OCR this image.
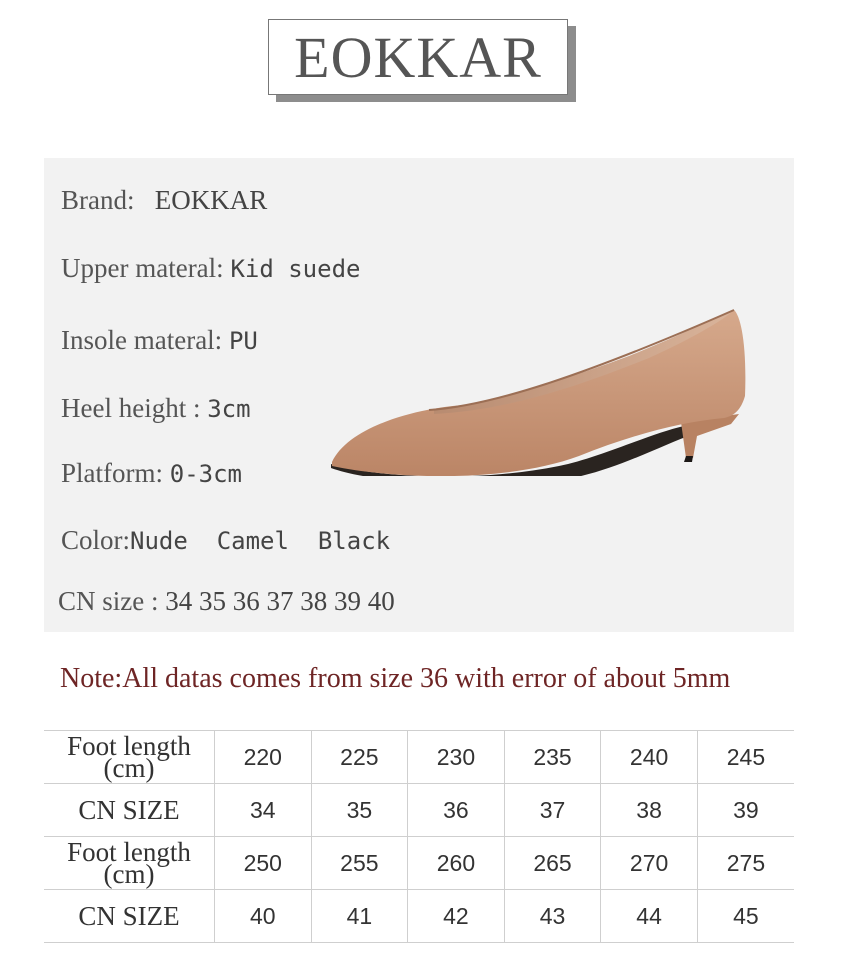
EOKKAR
Brand: EOKKAR
Upper materal: Kid suede
Insole materal: PU
Heel height : 3cm
Platform: 0-3cm
Color:Nude  Camel  Black
CN size : 34 35 36 37 38 39 40
Note:All datas comes from size 36 with error of about 5mm
Foot length (cm)	220	225	230	235	240	245
CN SIZE	34	35	36	37	38	39
Foot length (cm)	250	255	260	265	270	275
CN SIZE	40	41	42	43	44	45
